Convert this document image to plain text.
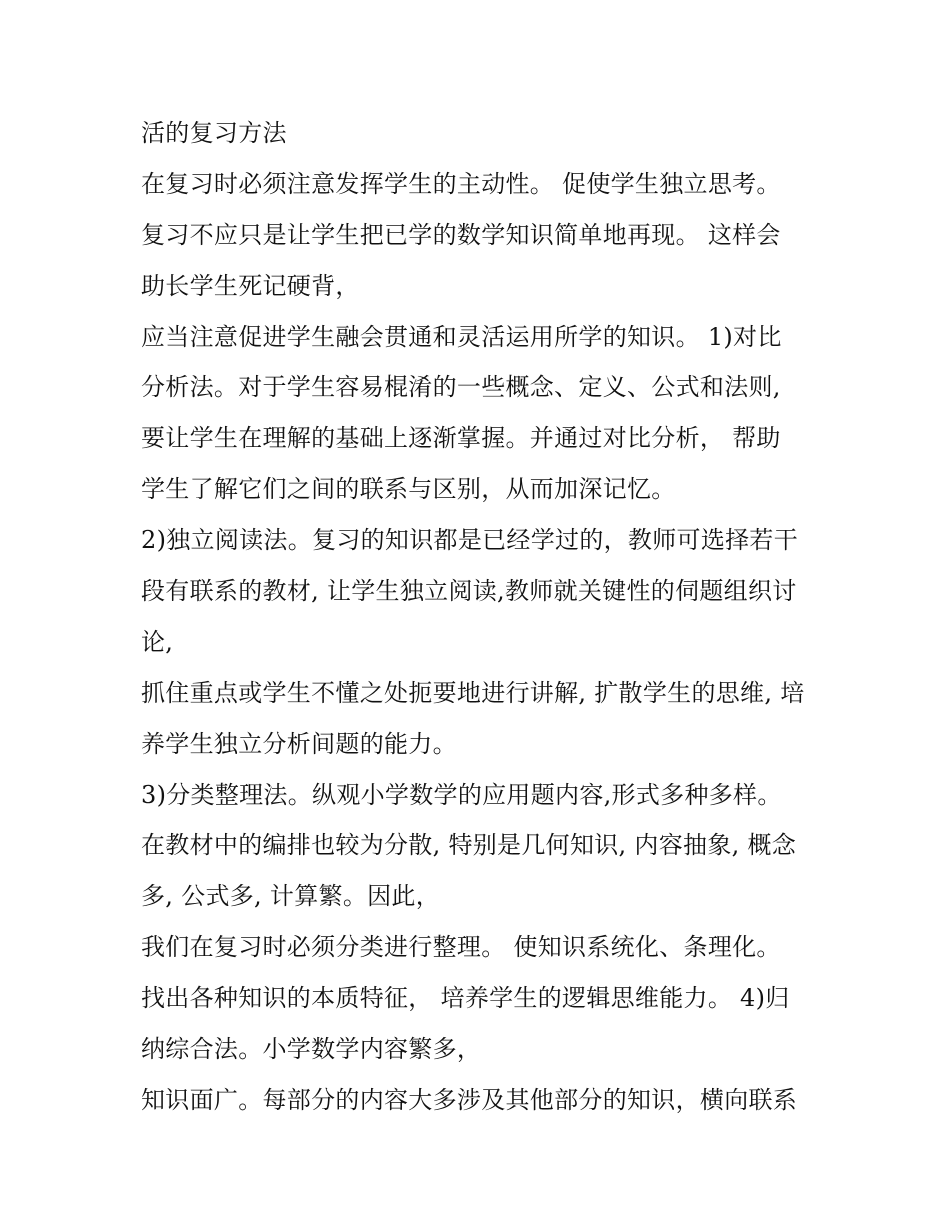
活的复习方法
在复习时必须注意发挥学生的主动性。 促使学生独立思考。
复习不应只是让学生把已学的数学知识简单地再现。 这样会
助长学生死记硬背，
应当注意促进学生融会贯通和灵活运用所学的知识。 1)对比
分析法。对于学生容易棍淆的一些概念、定义、公式和法则,
要让学生在理解的基础上逐渐掌握。并通过对比分析， 帮助
学生了解它们之间的联系与区别，从而加深记忆。
2)独立阅读法。复习的知识都是已经学过的，教师可选择若干
段有联系的教材, 让学生独立阅读,教师就关键性的伺题组织讨
论,
抓住重点或学生不懂之处扼要地进行讲解, 扩散学生的思维, 培
养学生独立分析间题的能力。
3)分类整理法。纵观小学数学的应用题内容,形式多种多样。
在教材中的编排也较为分散, 特别是几何知识, 内容抽象, 概念
多, 公式多, 计算繁。因此，
我们在复习时必须分类进行整理。 使知识系统化、条理化。
找出各种知识的本质特征， 培养学生的逻辑思维能力。 4)归
纳综合法。小学数学内容繁多，
知识面广。每部分的内容大多涉及其他部分的知识，横向联系
